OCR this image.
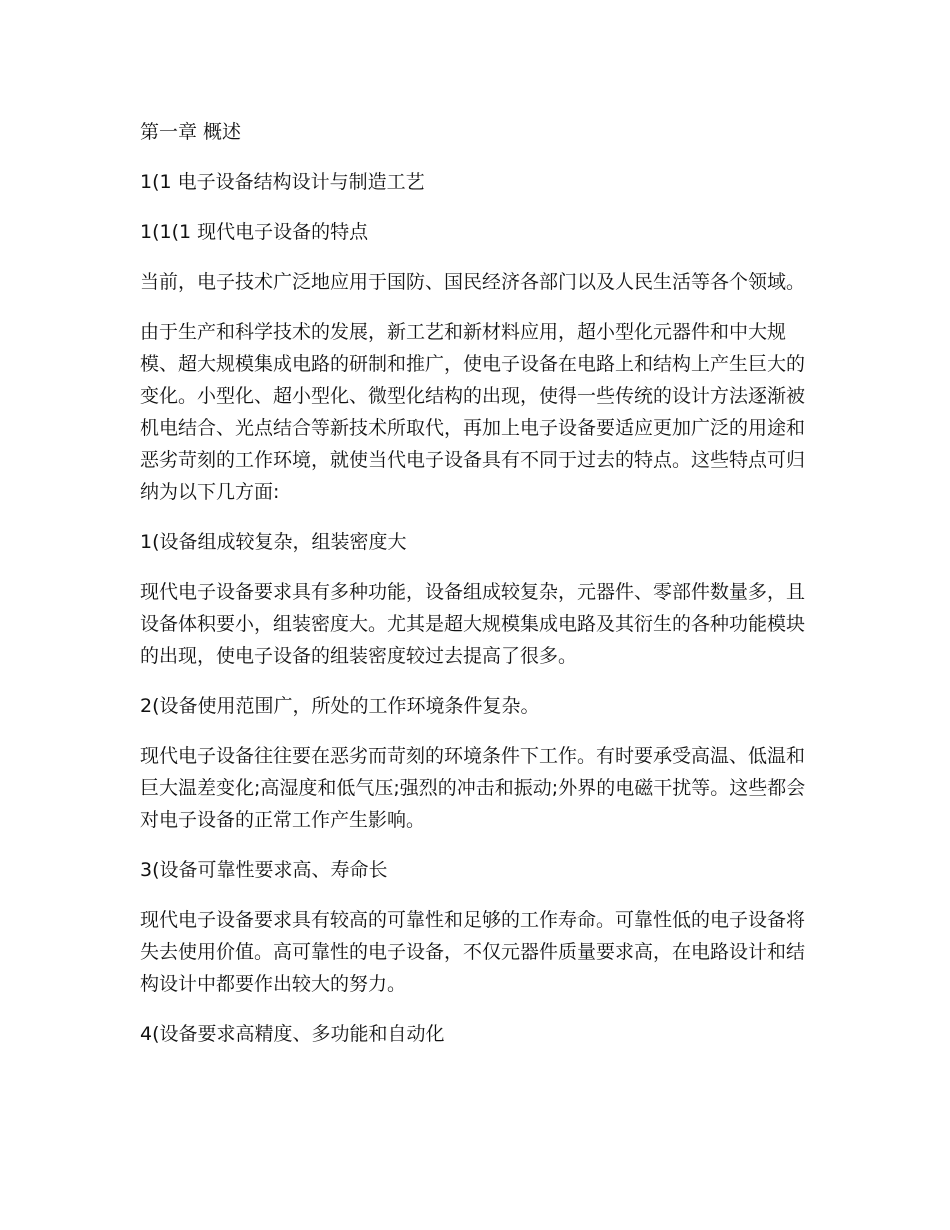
第一章 概述
1(1 电子设备结构设计与制造工艺
1(1(1 现代电子设备的特点
当前，电子技术广泛地应用于国防、国民经济各部门以及人民生活等各个领域。
由于生产和科学技术的发展，新工艺和新材料应用，超小型化元器件和中大规模、超大规模集成电路的研制和推广，使电子设备在电路上和结构上产生巨大的变化。小型化、超小型化、微型化结构的出现，使得一些传统的设计方法逐渐被机电结合、光点结合等新技术所取代，再加上电子设备要适应更加广泛的用途和恶劣苛刻的工作环境，就使当代电子设备具有不同于过去的特点。这些特点可归纳为以下几方面:
1(设备组成较复杂，组装密度大
现代电子设备要求具有多种功能，设备组成较复杂，元器件、零部件数量多，且设备体积要小，组装密度大。尤其是超大规模集成电路及其衍生的各种功能模块的出现，使电子设备的组装密度较过去提高了很多。
2(设备使用范围广，所处的工作环境条件复杂。
现代电子设备往往要在恶劣而苛刻的环境条件下工作。有时要承受高温、低温和巨大温差变化;高湿度和低气压;强烈的冲击和振动;外界的电磁干扰等。这些都会对电子设备的正常工作产生影响。
3(设备可靠性要求高、寿命长
现代电子设备要求具有较高的可靠性和足够的工作寿命。可靠性低的电子设备将失去使用价值。高可靠性的电子设备，不仅元器件质量要求高，在电路设计和结构设计中都要作出较大的努力。
4(设备要求高精度、多功能和自动化
